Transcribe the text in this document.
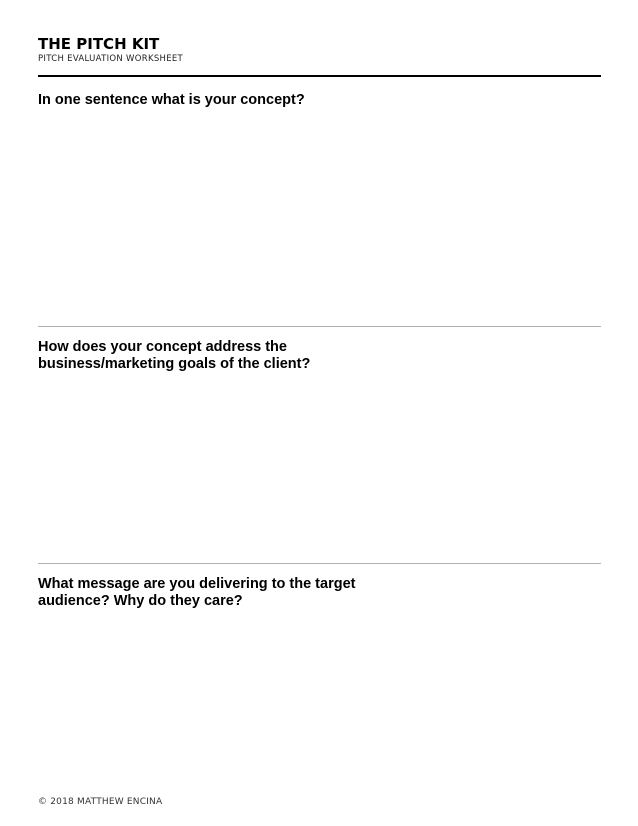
THE PITCH KIT
PITCH EVALUATION WORKSHEET
In one sentence what is your concept?
How does your concept address the business/marketing goals of the client?
What message are you delivering to the target audience? Why do they care?
© 2018 MATTHEW ENCINA
